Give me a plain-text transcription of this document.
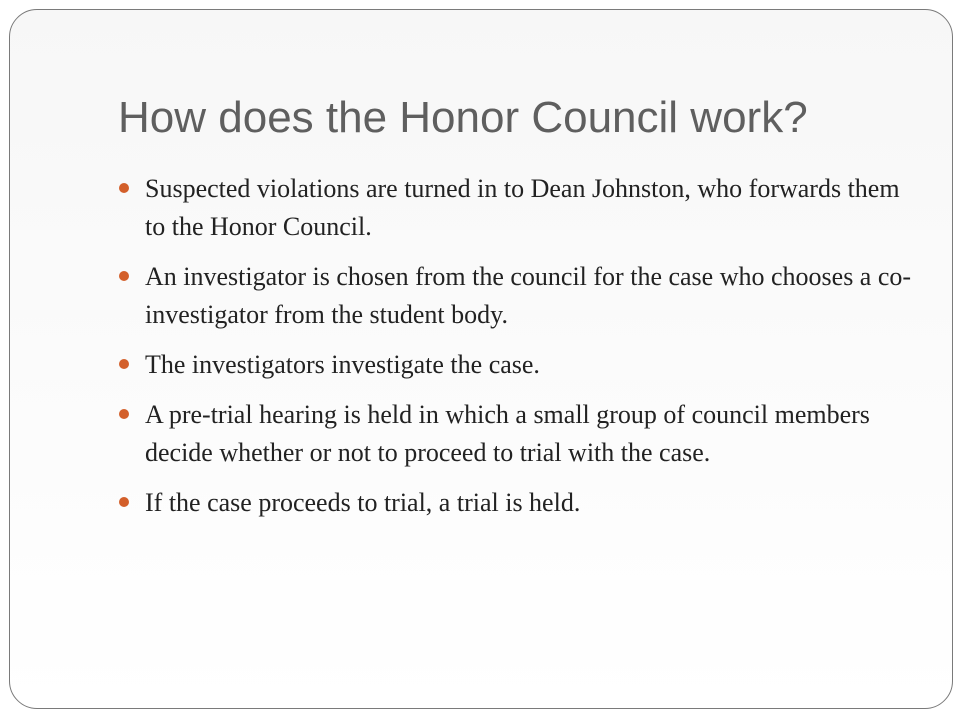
How does the Honor Council work?
Suspected violations are turned in to Dean Johnston, who forwards them to the Honor Council.
An investigator is chosen from the council for the case who chooses a co-investigator from the student body.
The investigators investigate the case.
A pre-trial hearing is held in which a small group of council members decide whether or not to proceed to trial with the case.
If the case proceeds to trial, a trial is held.
